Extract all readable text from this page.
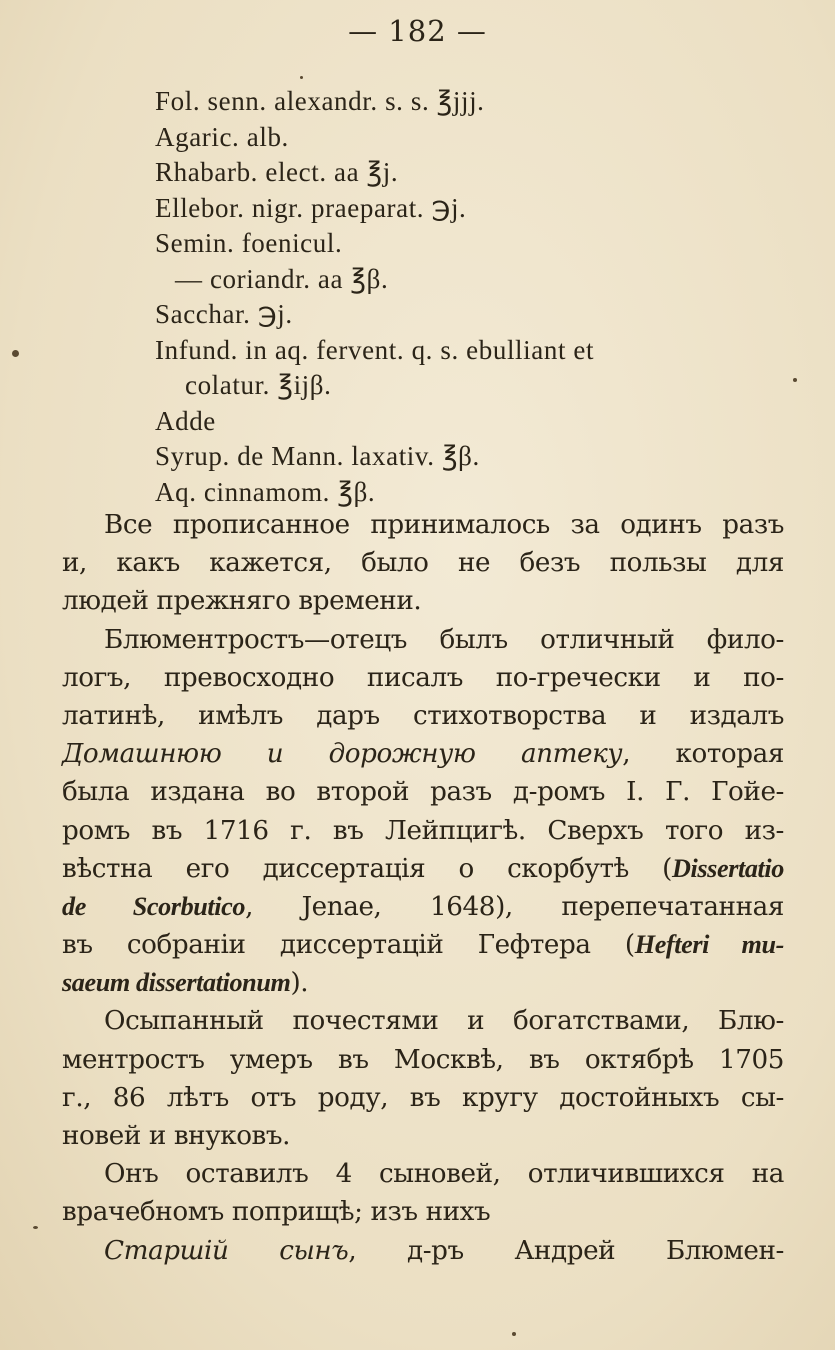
— 182 —
Fol. senn. alexandr. s. s. ℥jjj.
Agaric. alb.
Rhabarb. elect. aa ℥j.
Ellebor. nigr. praeparat. ℈j.
Semin. foenicul.
— coriandr. aa ℥β.
Sacchar. ℈j.
Infund. in aq. fervent. q. s. ebulliant et
colatur. ℥ijβ.
Adde
Syrup. de Mann. laxativ. ℥β.
Aq. cinnamom. ℥β.

Все прописанное принималось за одинъ разъ
и, какъ кажется, было не безъ пользы для
людей прежняго времени.

Блюментростъ—отецъ былъ отличный фило-
логъ, превосходно писалъ по-гречески и по-
латинѣ, имѣлъ даръ стихотворства и издалъ
Домашнюю и дорожную аптеку, которая
была издана во второй разъ д-ромъ I. Г. Гойе-
ромъ въ 1716 г. въ Лейпцигѣ. Сверхъ того из-
вѣстна его диссертація о скорбутѣ (Dissertatio
de Scorbutico, Jenae, 1648), перепечатанная
въ собраніи диссертацій Гефтера (Hefteri mu-
saeum dissertationum).

Осыпанный почестями и богатствами, Блю-
ментростъ умеръ въ Москвѣ, въ октябрѣ 1705
г., 86 лѣтъ отъ роду, въ кругу достойныхъ сы-
новей и внуковъ.

Онъ оставилъ 4 сыновей, отличившихся на
врачебномъ поприщѣ; изъ нихъ

Старшій сынъ, д-ръ Андрей Блюмен-
